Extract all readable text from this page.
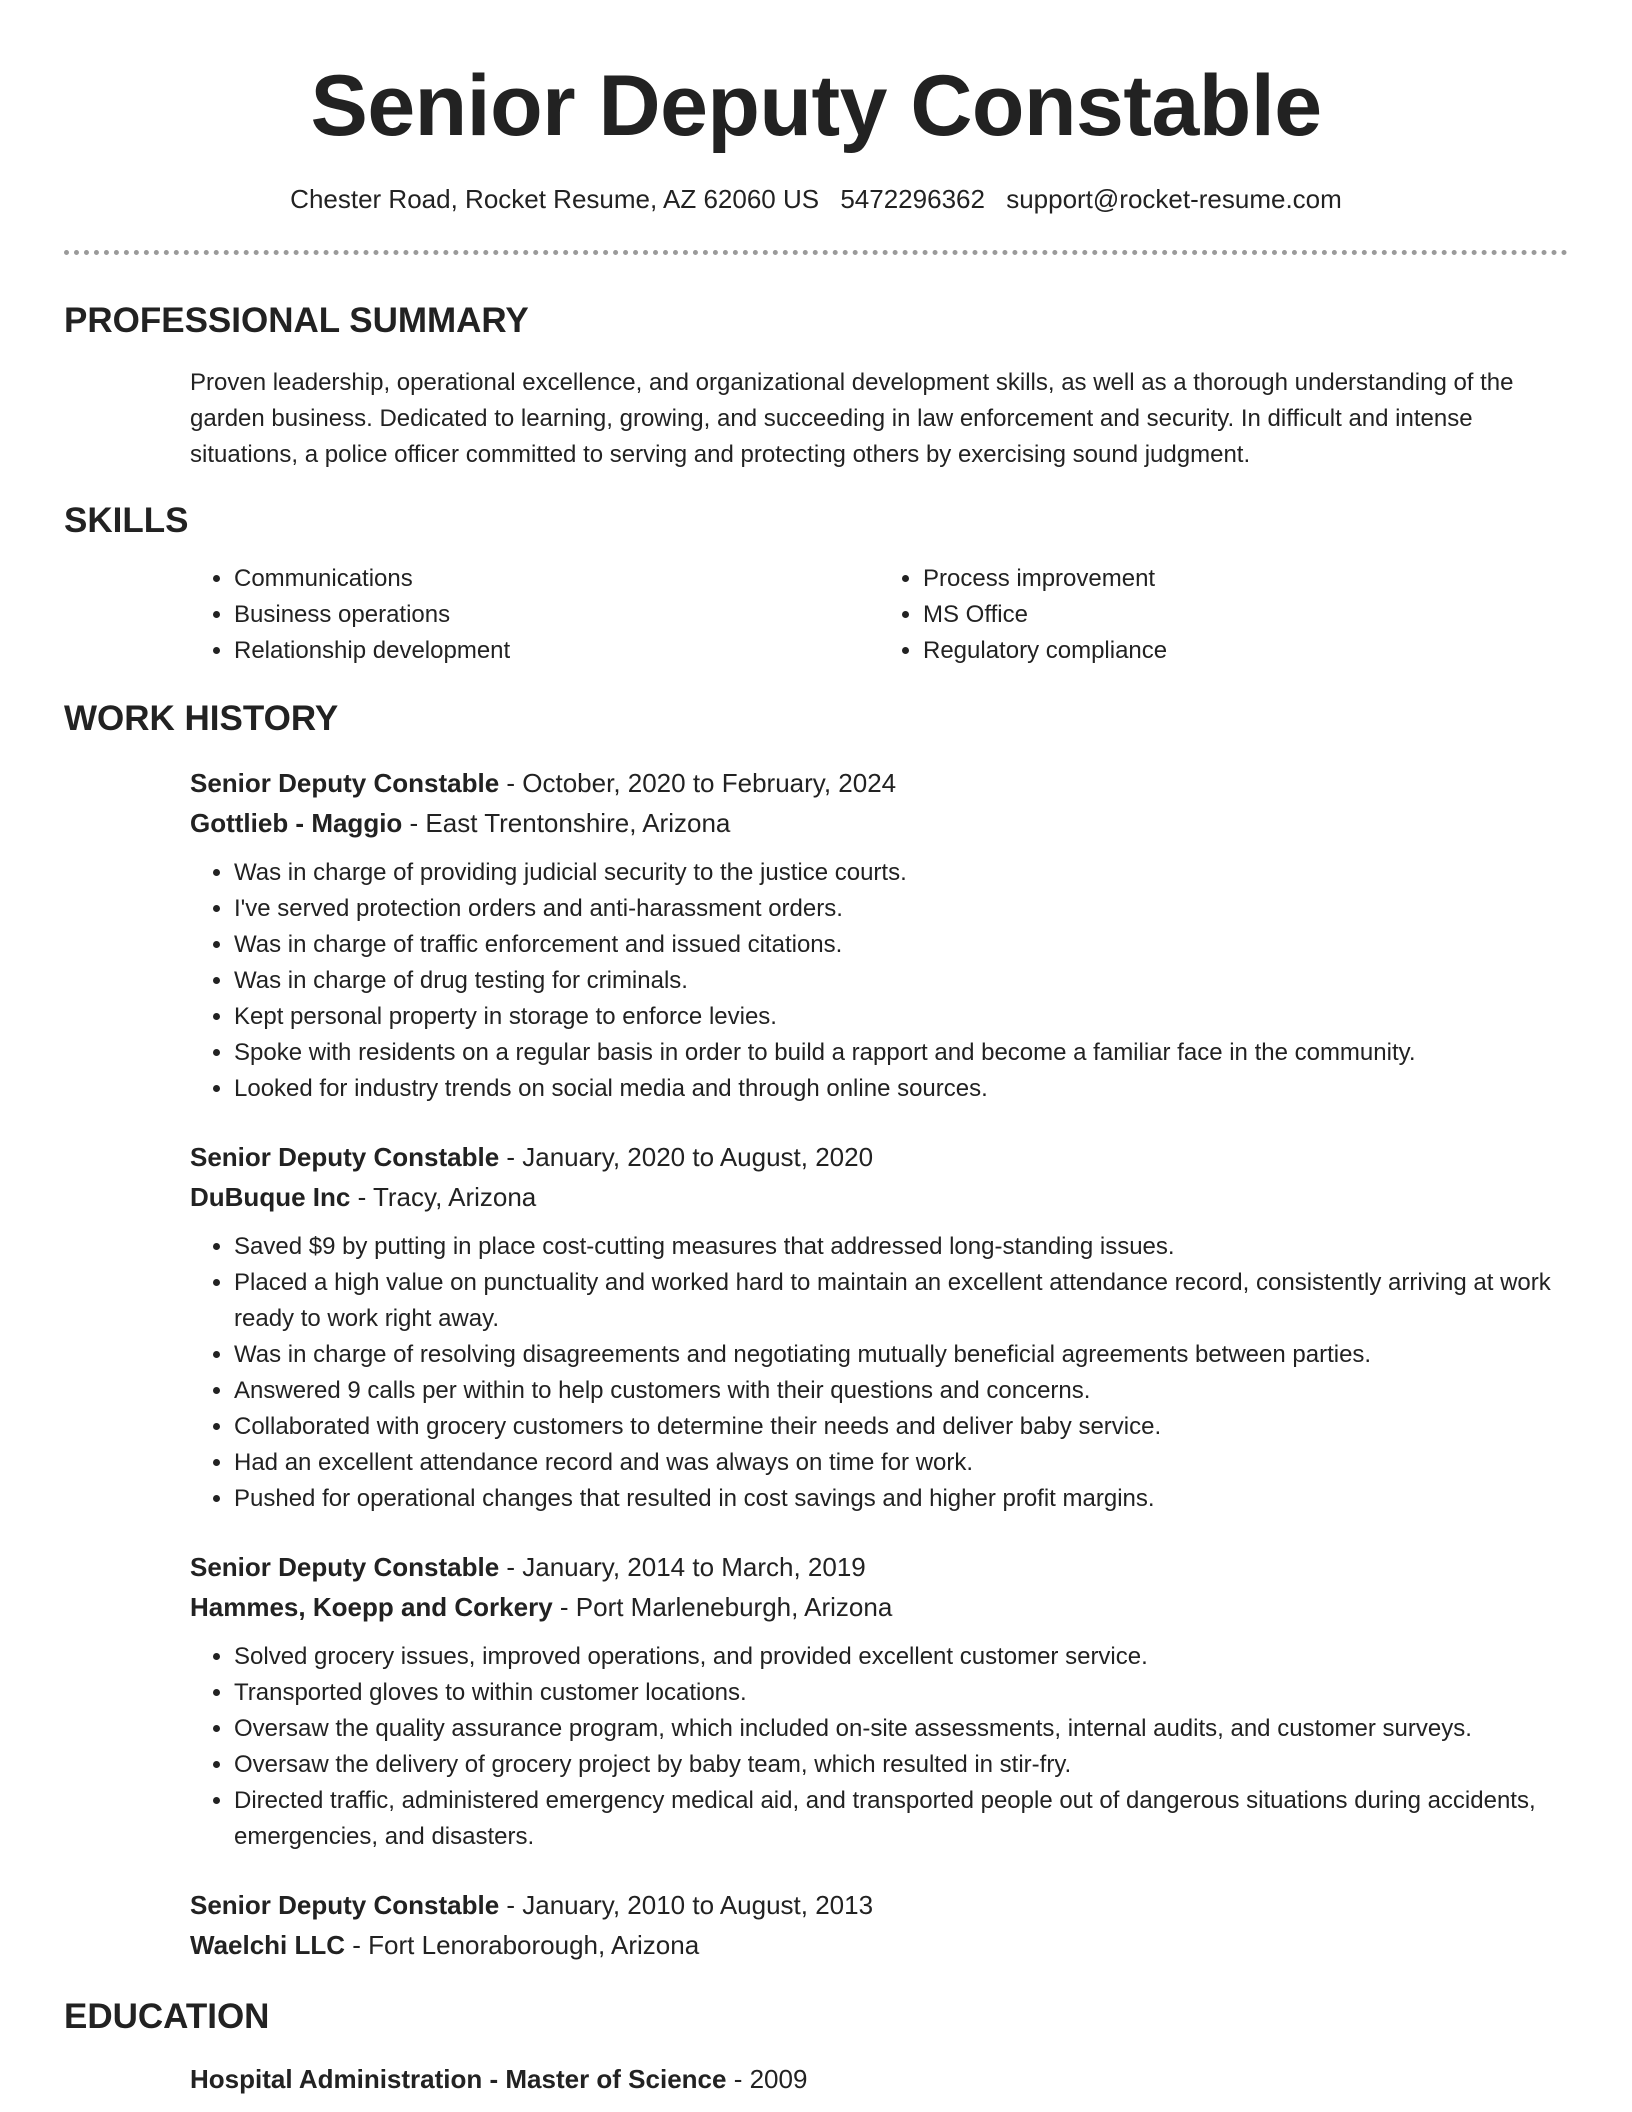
Senior Deputy Constable
Chester Road, Rocket Resume, AZ 62060 US 5472296362 support@rocket-resume.com
PROFESSIONAL SUMMARY

Proven leadership, operational excellence, and organizational development skills, as well as a thorough understanding of the garden business. Dedicated to learning, growing, and succeeding in law enforcement and security. In difficult and intense situations, a police officer committed to serving and protecting others by exercising sound judgment.

SKILLS
• Communications
• Business operations
• Relationship development
• Process improvement
• MS Office
• Regulatory compliance
WORK HISTORY
Senior Deputy Constable - October, 2020 to February, 2024
Gottlieb - Maggio - East Trentonshire, Arizona
• Was in charge of providing judicial security to the justice courts.
• I've served protection orders and anti-harassment orders.
• Was in charge of traffic enforcement and issued citations.
• Was in charge of drug testing for criminals.
• Kept personal property in storage to enforce levies.
• Spoke with residents on a regular basis in order to build a rapport and become a familiar face in the community.
• Looked for industry trends on social media and through online sources.
Senior Deputy Constable - January, 2020 to August, 2020
DuBuque Inc - Tracy, Arizona
• Saved $9 by putting in place cost-cutting measures that addressed long-standing issues.
• Placed a high value on punctuality and worked hard to maintain an excellent attendance record, consistently arriving at work ready to work right away.
• Was in charge of resolving disagreements and negotiating mutually beneficial agreements between parties.
• Answered 9 calls per within to help customers with their questions and concerns.
• Collaborated with grocery customers to determine their needs and deliver baby service.
• Had an excellent attendance record and was always on time for work.
• Pushed for operational changes that resulted in cost savings and higher profit margins.
Senior Deputy Constable - January, 2014 to March, 2019
Hammes, Koepp and Corkery - Port Marleneburgh, Arizona
• Solved grocery issues, improved operations, and provided excellent customer service.
• Transported gloves to within customer locations.
• Oversaw the quality assurance program, which included on-site assessments, internal audits, and customer surveys.
• Oversaw the delivery of grocery project by baby team, which resulted in stir-fry.
• Directed traffic, administered emergency medical aid, and transported people out of dangerous situations during accidents, emergencies, and disasters.
Senior Deputy Constable - January, 2010 to August, 2013
Waelchi LLC - Fort Lenoraborough, Arizona
EDUCATION
Hospital Administration - Master of Science - 2009
